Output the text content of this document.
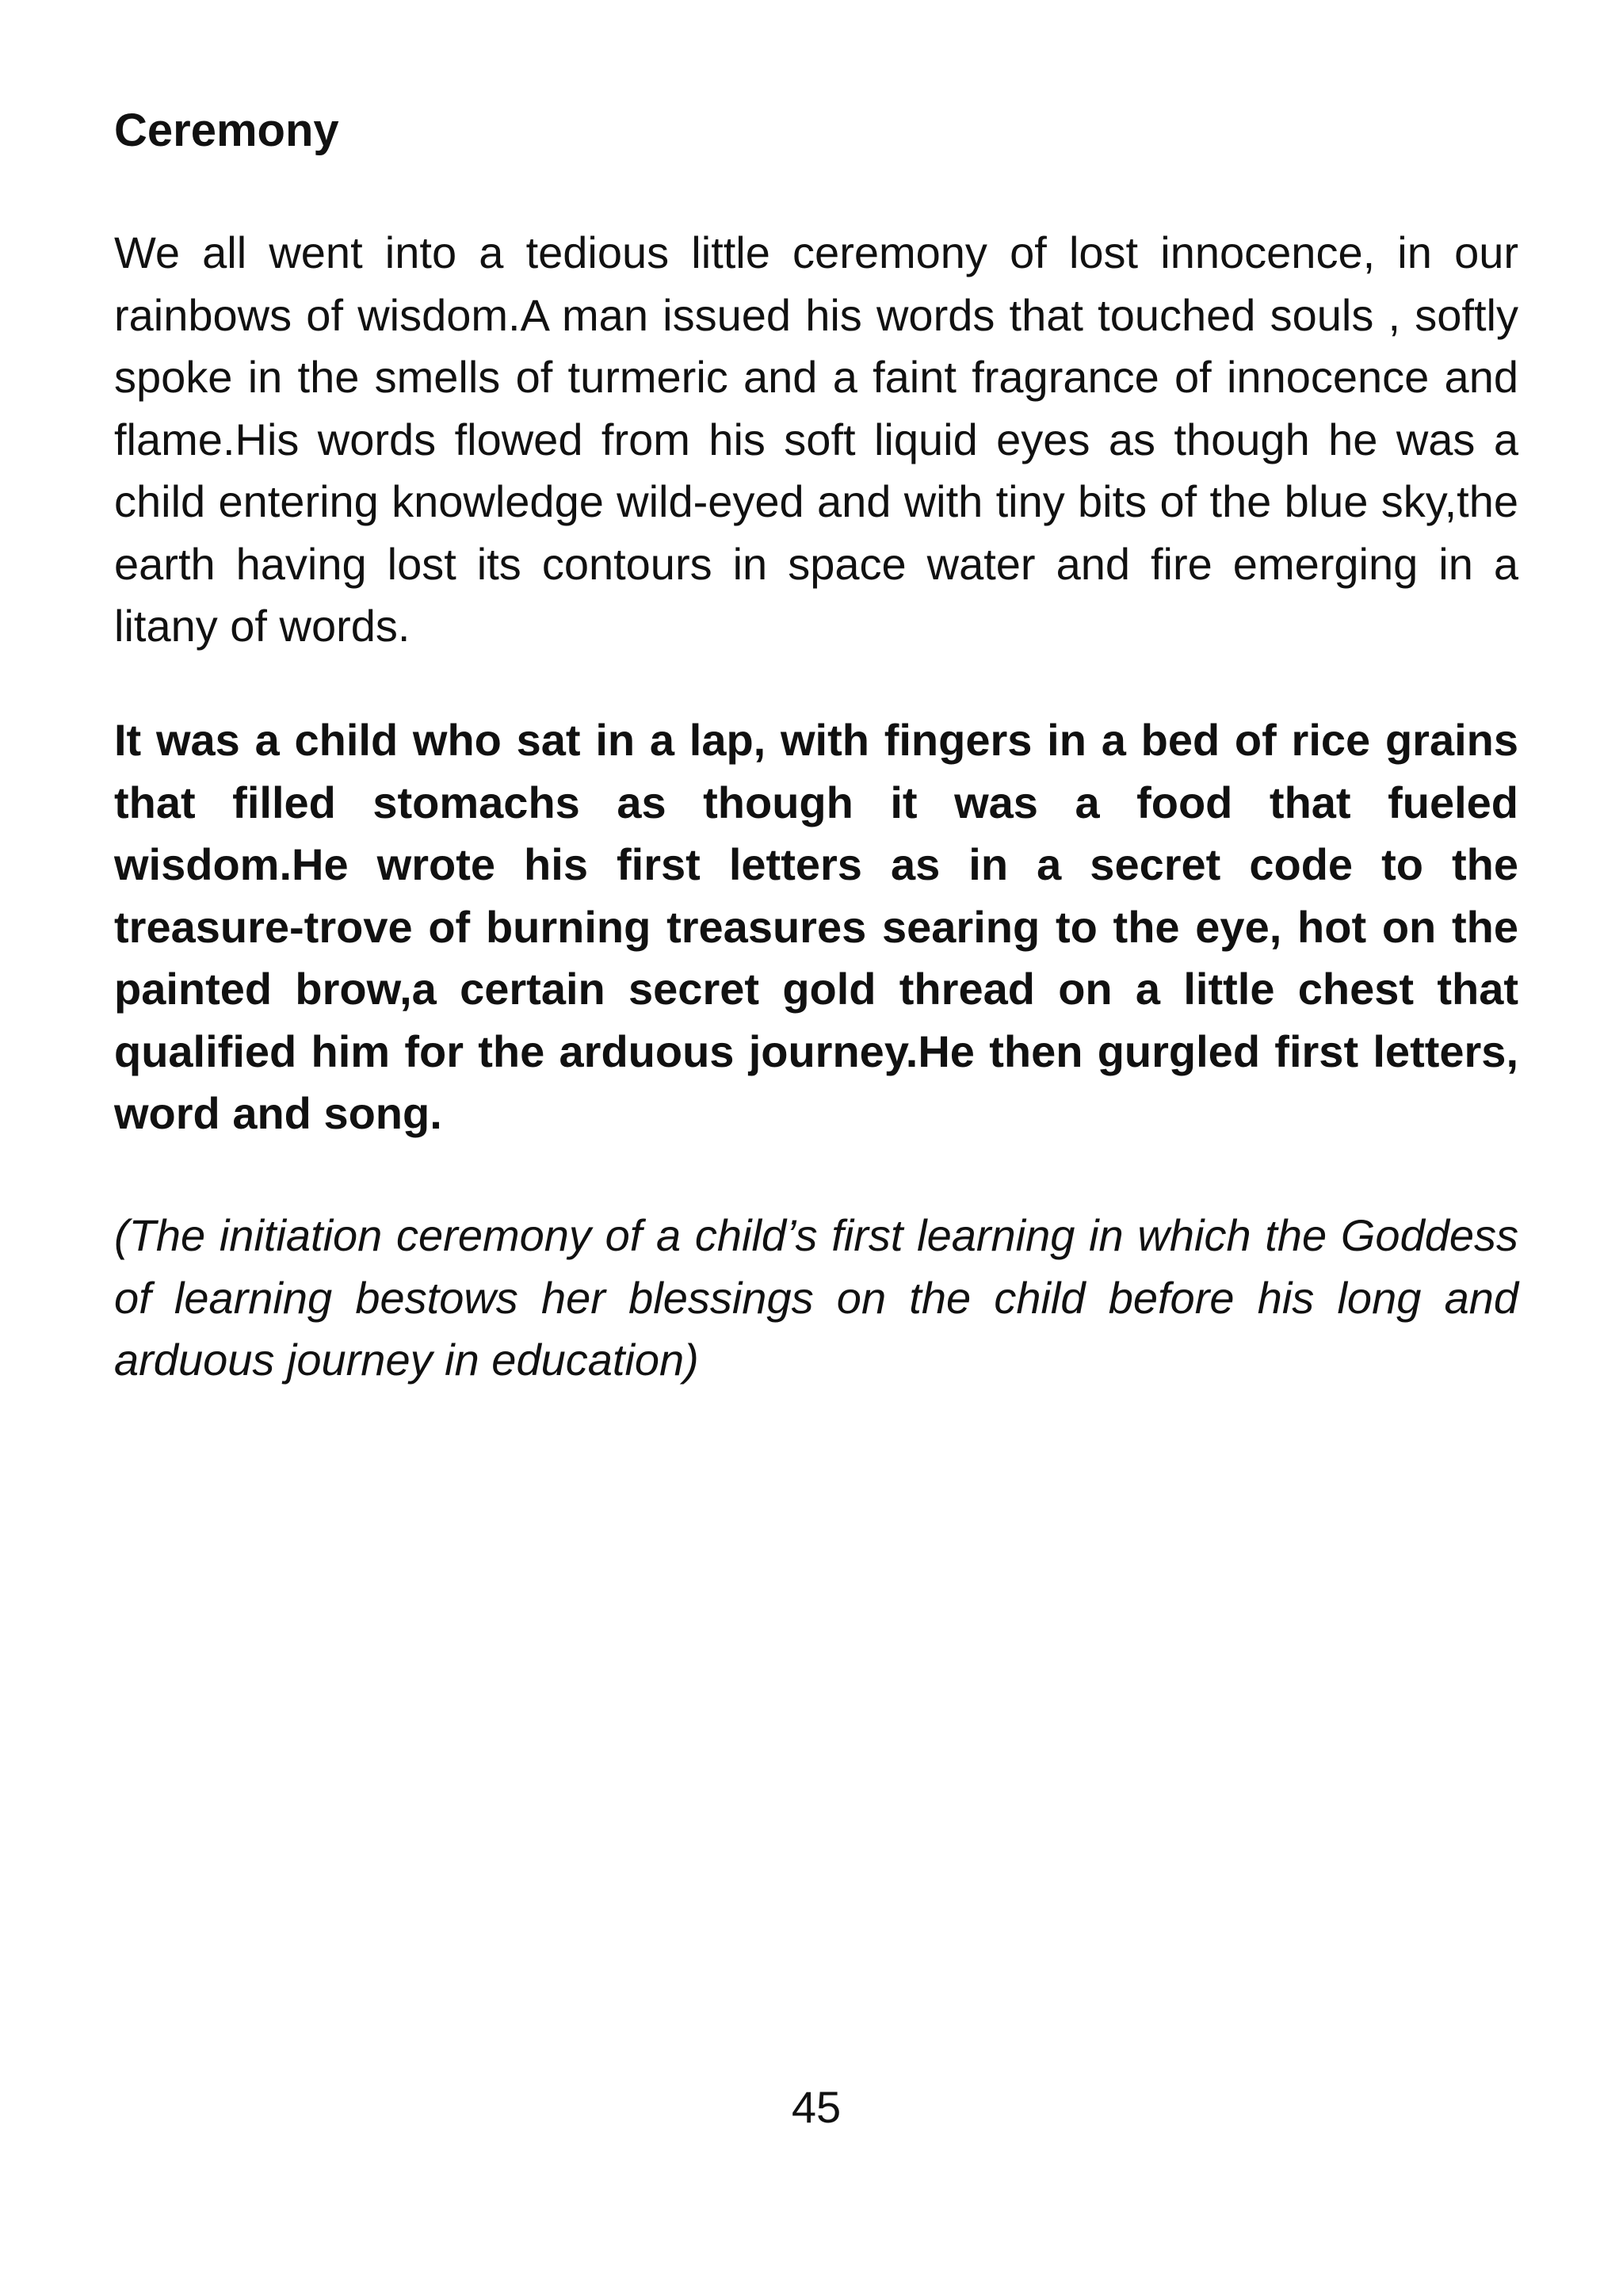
Ceremony

We all went into a tedious little ceremony of lost innocence, in our rainbows of wisdom.A man issued his words that touched souls , softly spoke in the smells of turmeric and a faint fragrance of innocence and flame.His words flowed from his soft liquid eyes as though he was a child entering knowledge wild-eyed and with tiny bits of the blue sky,the earth having lost its contours in space water and fire emerging in a litany of words.

It was a child who sat in a lap, with fingers in a bed of rice grains that filled stomachs as though it was a food that fueled wisdom.He wrote his first letters as in a secret code to the treasure-trove of burning treasures searing to the eye, hot on the painted brow,a certain secret gold thread on a little chest that qualified him for the arduous journey.He then gurgled first letters, word and song.

(The initiation ceremony of a child’s first learning in which the Goddess of learning bestows her blessings on the child before his long and arduous journey in education)

45
